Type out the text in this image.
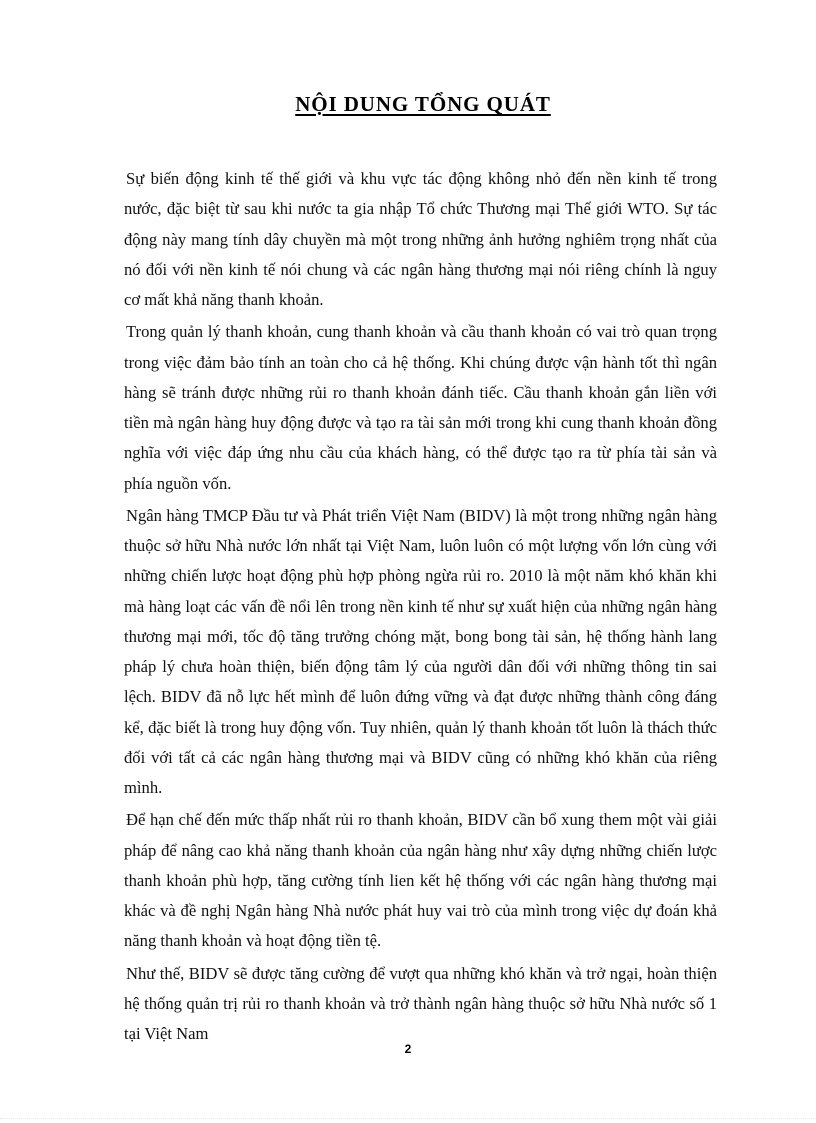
NỘI DUNG TỔNG QUÁT

Sự biến động kinh tế thế giới và khu vực tác động không nhỏ đến nền kinh tế trong nước, đặc biệt từ sau khi nước ta gia nhập Tổ chức Thương mại Thế giới WTO. Sự tác động này mang tính dây chuyền mà một trong những ảnh hưởng nghiêm trọng nhất của nó đối với nền kinh tế nói chung và các ngân hàng thương mại nói riêng chính là nguy cơ mất khả năng thanh khoản.

Trong quản lý thanh khoản, cung thanh khoản và cầu thanh khoản có vai trò quan trọng trong việc đảm bảo tính an toàn cho cả hệ thống. Khi chúng được vận hành tốt thì ngân hàng sẽ tránh được những rủi ro thanh khoản đánh tiếc. Cầu thanh khoản gắn liền với tiền mà ngân hàng huy động được và tạo ra tài sản mới trong khi cung thanh khoản đồng nghĩa với việc đáp ứng nhu cầu của khách hàng, có thể được tạo ra từ phía tài sản và phía nguồn vốn.

Ngân hàng TMCP Đầu tư và Phát triển Việt Nam (BIDV) là một trong những ngân hàng thuộc sở hữu Nhà nước lớn nhất tại Việt Nam, luôn luôn có một lượng vốn lớn cùng với những chiến lược hoạt động phù hợp phòng ngừa rủi ro. 2010 là một năm khó khăn khi mà hàng loạt các vấn đề nổi lên trong nền kinh tế như sự xuất hiện của những ngân hàng thương mại mới, tốc độ tăng trưởng chóng mặt, bong bong tài sản, hệ thống hành lang pháp lý chưa hoàn thiện, biến động tâm lý của người dân đối với những thông tin sai lệch. BIDV đã nỗ lực hết mình để luôn đứng vững và đạt được những thành công đáng kể, đặc biết là trong huy động vốn. Tuy nhiên, quản lý thanh khoản tốt luôn là thách thức đối với tất cả các ngân hàng thương mại và BIDV cũng có những khó khăn của riêng mình.

Để hạn chế đến mức thấp nhất rủi ro thanh khoản, BIDV cần bổ xung them một vài giải pháp để nâng cao khả năng thanh khoản của ngân hàng như xây dựng những chiến lược thanh khoản phù hợp, tăng cường tính lien kết hệ thống với các ngân hàng thương mại khác và đề nghị Ngân hàng Nhà nước phát huy vai trò của mình trong việc dự đoán khả năng thanh khoản và hoạt động tiền tệ.

Như thế, BIDV sẽ được tăng cường để vượt qua những khó khăn và trở ngại, hoàn thiện hệ thống quản trị rủi ro thanh khoản và trở thành ngân hàng thuộc sở hữu Nhà nước số 1 tại Việt Nam

2
